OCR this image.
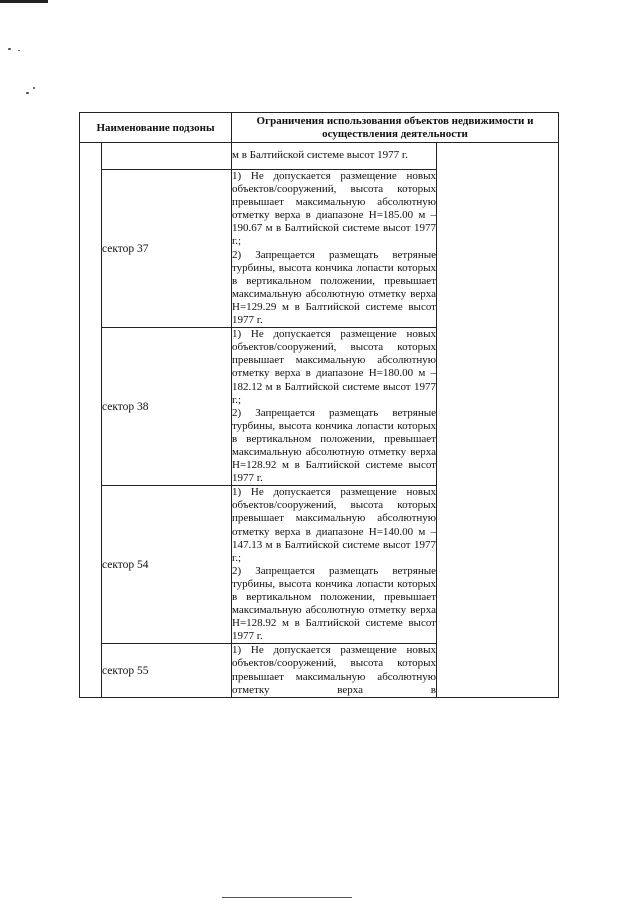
Наименование подзоны		Ограничения использования объектов недвижимости и осуществления деятельности	

		м в Балтийской системе высот 1977 г.	

	сектор 37	1) Не допускается размещение новых объектов/сооружений, высота которых превышает максимальную абсолютную отметку верха в диапазоне H=185.00 м – 190.67 м в Балтийской системе высот 1977 г.;

2) Запрещается размещать ветряные турбины, высота кончика лопасти которых в вертикальном положении, превышает максимальную абсолютную отметку верха H=129.29 м в Балтийской системе высот 1977 г.	

	сектор 38	1) Не допускается размещение новых объектов/сооружений, высота которых превышает максимальную абсолютную отметку верха в диапазоне H=180.00 м – 182.12 м в Балтийской системе высот 1977 г.;

2) Запрещается размещать ветряные турбины, высота кончика лопасти которых в вертикальном положении, превышает максимальную абсолютную отметку верха H=128.92 м в Балтийской системе высот 1977 г.	

	сектор 54	1) Не допускается размещение новых объектов/сооружений, высота которых превышает максимальную абсолютную отметку верха в диапазоне H=140.00 м – 147.13 м в Балтийской системе высот 1977 г.;

2) Запрещается размещать ветряные турбины, высота кончика лопасти которых в вертикальном положении, превышает максимальную абсолютную отметку верха H=128.92 м в Балтийской системе высот 1977 г.	

	сектор 55	1) Не допускается размещение новых объектов/сооружений, высота которых превышает максимальную абсолютную отметку верха в	
